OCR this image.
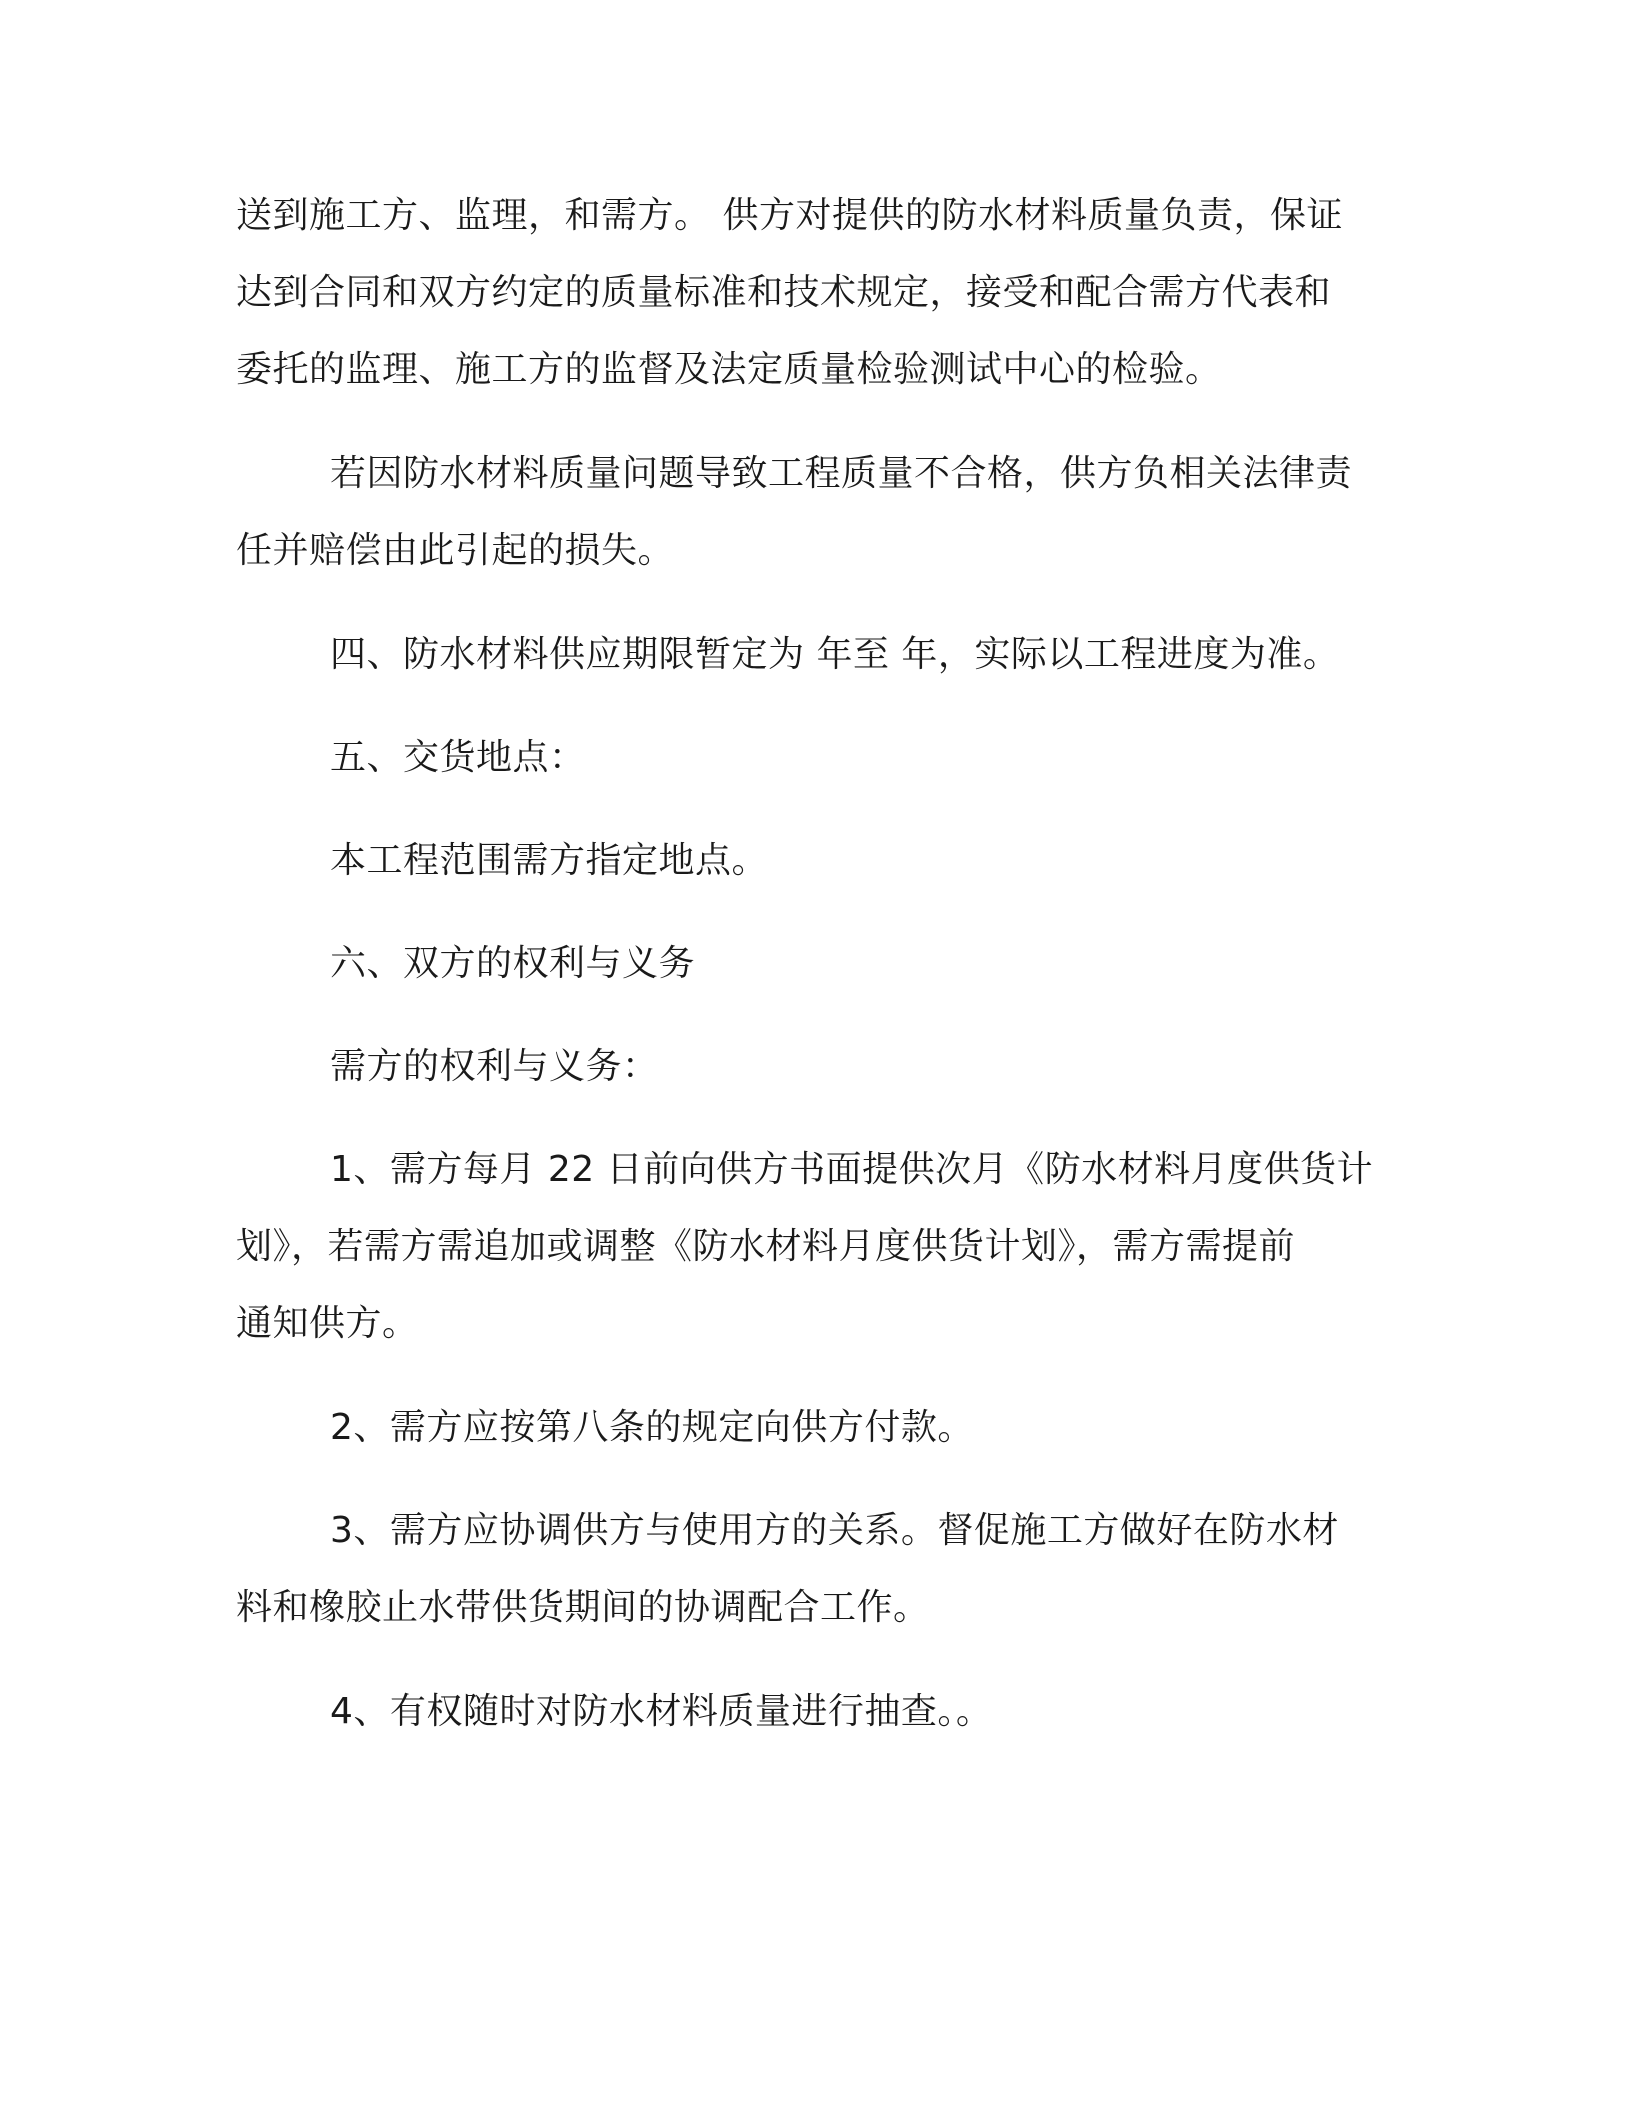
送到施工方、监理，和需方。 供方对提供的防水材料质量负责，保证
达到合同和双方约定的质量标准和技术规定，接受和配合需方代表和
委托的监理、施工方的监督及法定质量检验测试中心的检验。
若因防水材料质量问题导致工程质量不合格，供方负相关法律责
任并赔偿由此引起的损失。
四、防水材料供应期限暂定为 年至 年，实际以工程进度为准。
五、交货地点：
本工程范围需方指定地点。
六、双方的权利与义务
需方的权利与义务：
1、需方每月 22 日前向供方书面提供次月《防水材料月度供货计
划》，若需方需追加或调整《防水材料月度供货计划》，需方需提前
通知供方。
2、需方应按第八条的规定向供方付款。
3、需方应协调供方与使用方的关系。督促施工方做好在防水材
料和橡胶止水带供货期间的协调配合工作。
4、有权随时对防水材料质量进行抽查。。
